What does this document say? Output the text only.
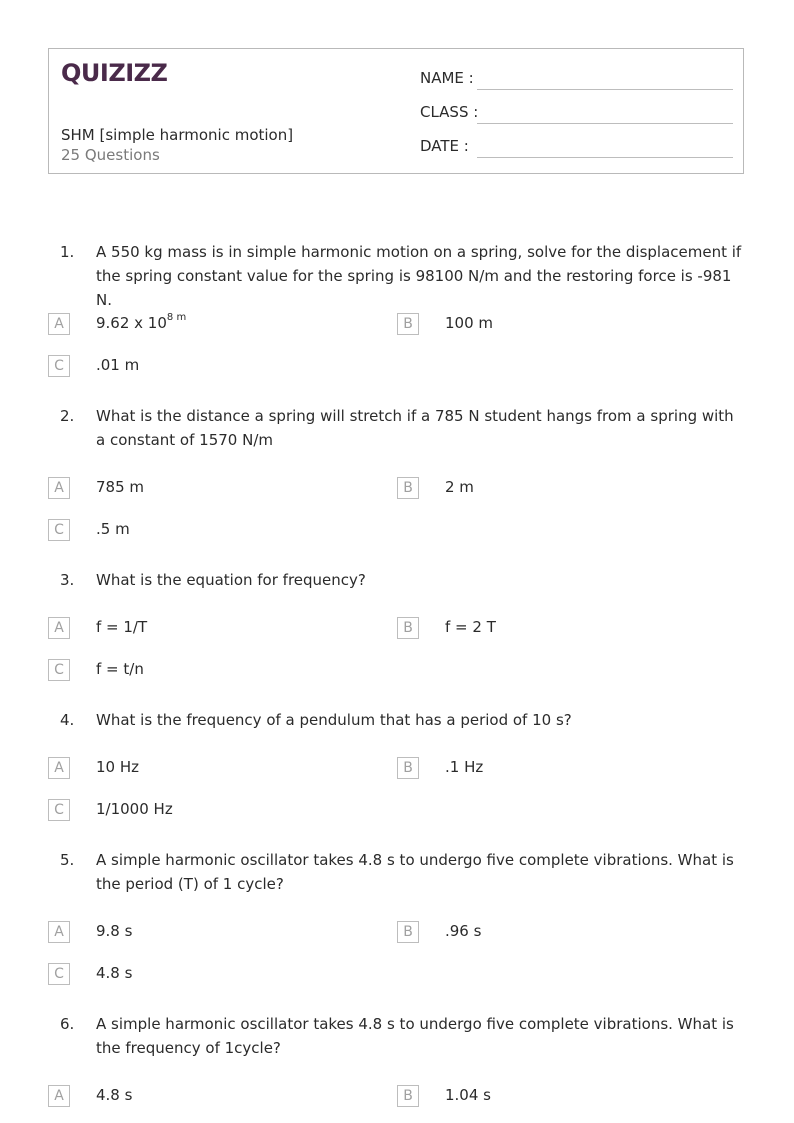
QUIZIZZ
SHM [simple harmonic motion]
25 Questions
NAME :
CLASS :
DATE :
1.	A 550 kg mass is in simple harmonic motion on a spring, solve for the displacement if the spring constant value for the spring is 98100 N/m and the restoring force is -981 N.
A	9.62 x $10^{8 m}$	B	100 m
C	.01 m
2.	What is the distance a spring will stretch if a 785 N student hangs from a spring with a constant of 1570 N/m
A	785 m	B	2 m
C	.5 m
3.	What is the equation for frequency?
A	f = 1/T	B	f = 2 T
C	f = t/n
4.	What is the frequency of a pendulum that has a period of 10 s?
A	10 Hz	B	.1 Hz
C	1/1000 Hz
5.	A simple harmonic oscillator takes 4.8 s to undergo five complete vibrations. What is the period (T) of 1 cycle?
A	9.8 s	B	.96 s
C	4.8 s
6.	A simple harmonic oscillator takes 4.8 s to undergo five complete vibrations. What is the frequency of 1cycle?
A	4.8 s	B	1.04 s
